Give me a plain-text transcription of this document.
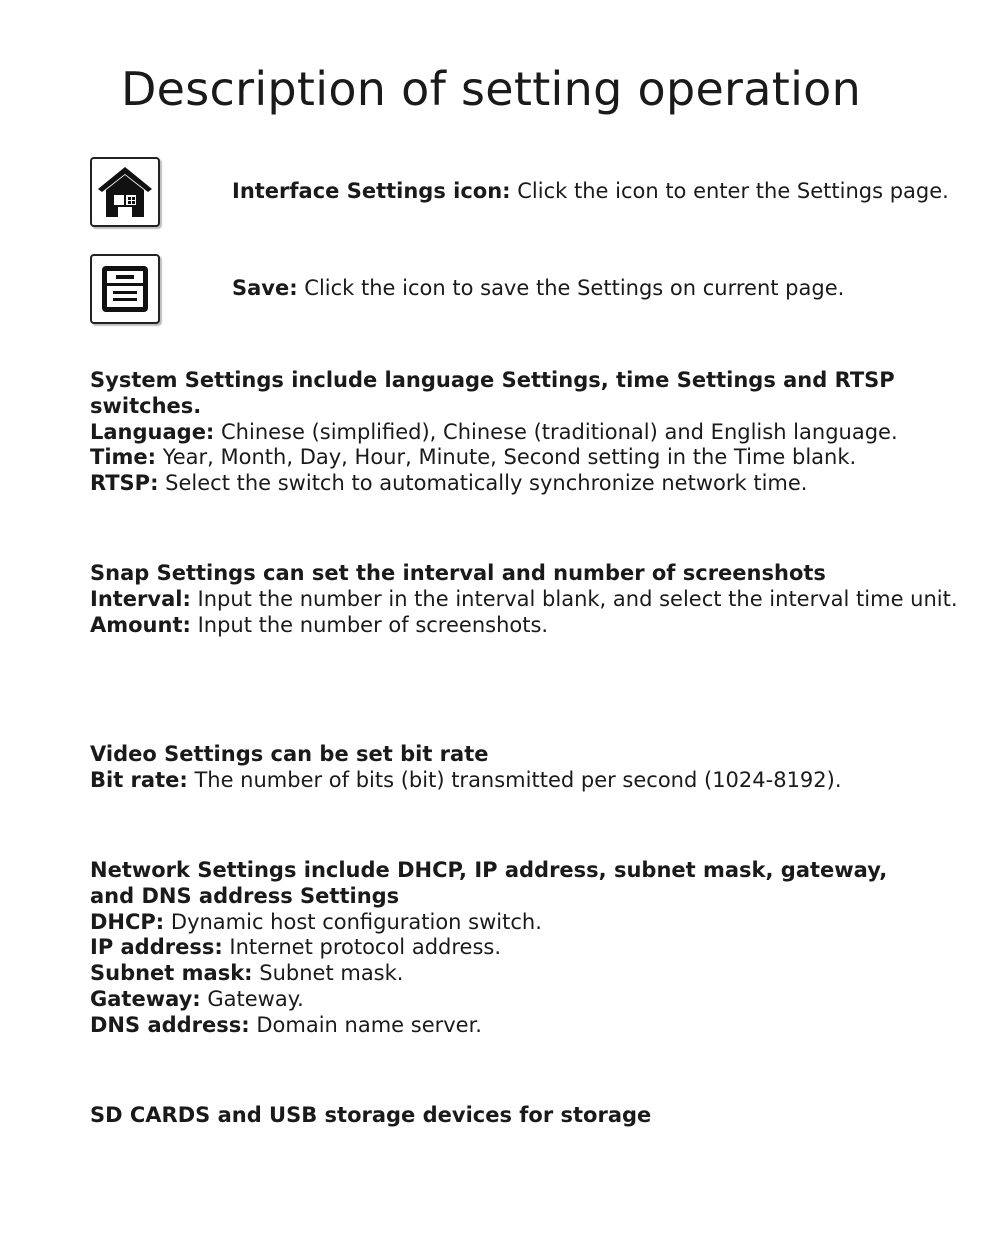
Description of setting operation
Interface Settings icon: Click the icon to enter the Settings page.
Save: Click the icon to save the Settings on current page.
System Settings include language Settings, time Settings and RTSP switches.
Language: Chinese (simplified), Chinese (traditional) and English language.
Time: Year, Month, Day, Hour, Minute, Second setting in the Time blank.
RTSP: Select the switch to automatically synchronize network time.
Snap Settings can set the interval and number of screenshots
Interval: Input the number in the interval blank, and select the interval time unit.
Amount: Input the number of screenshots.
Video Settings can be set bit rate
Bit rate: The number of bits (bit) transmitted per second (1024-8192).
Network Settings include DHCP, IP address, subnet mask, gateway,
and DNS address Settings
DHCP: Dynamic host configuration switch.
IP address: Internet protocol address.
Subnet mask: Subnet mask.
Gateway: Gateway.
DNS address: Domain name server.
SD CARDS and USB storage devices for storage
